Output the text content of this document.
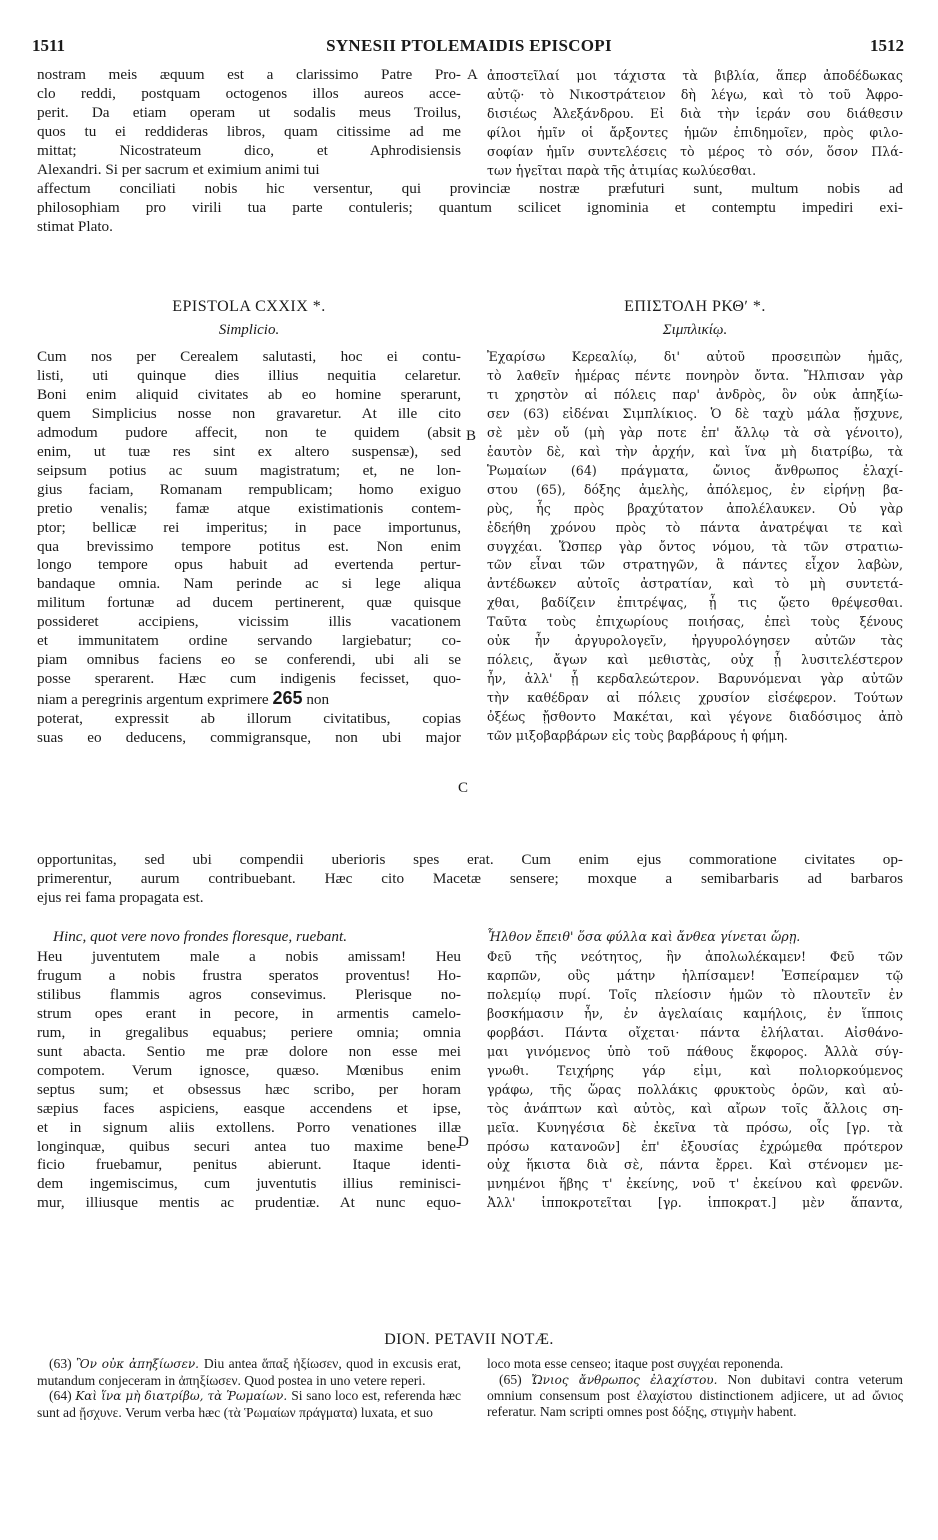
1511	SYNESII PTOLEMAIDIS EPISCOPI	1512
nostram meis æquum est a clarissimo Patre Pro-
clo reddi, postquam octogenos illos aureos acce-
perit. Da etiam operam ut sodalis meus Troilus,
quos tu ei reddideras libros, quam citissime ad me
mittat; Nicostrateum dico, et Aphrodisiensis
Alexandri. Si per sacrum et eximium animi tui
A ἀποστεῖλαί μοι τάχιστα τὰ βιβλία, ἅπερ ἀποδέδωκας
αὐτῷ· τὸ Νικοστράτειον δὴ λέγω, καὶ τὸ τοῦ Ἀφρο-
δισιέως Ἀλεξάνδρου. Εἰ διὰ τὴν ἱεράν σου διάθεσιν
φίλοι ἡμῖν οἱ ἄρξοντες ἡμῶν ἐπιδημοῖεν, πρὸς φιλο-
σοφίαν ἡμῖν συντελέσεις τὸ μέρος τὸ σόν, ὅσον Πλά-
των ἡγεῖται παρὰ τῆς ἀτιμίας κωλύεσθαι.
affectum conciliati nobis hic versentur, qui provinciæ nostræ præfuturi sunt, multum nobis ad
philosophiam pro virili tua parte contuleris; quantum scilicet ignominia et contemptu impediri exi-
stimat Plato.
EPISTOLA CXXIX *.
Simplicio.
ΕΠΙΣΤΟΛΗ ΡΚΘʹ *.
Σιμπλικίῳ.
Cum nos per Cerealem salutasti, hoc ei contu-
listi, uti quinque dies illius nequitia celaretur.
Boni enim aliquid civitates ab eo homine sperarunt,
quem Simplicius nosse non gravaretur. At ille cito
admodum pudore affecit, non te quidem (absit
enim, ut tuæ res sint ex altero suspensæ), sed
seipsum potius ac suum magistratum; et, ne lon-
gius faciam, Romanam rempublicam; homo exiguo
pretio venalis; famæ atque existimationis contem-
ptor; bellicæ rei imperitus; in pace importunus,
qua brevissimo tempore potitus est. Non enim
longo tempore opus habuit ad evertenda pertur-
bandaque omnia. Nam perinde ac si lege aliqua
militum fortunæ ad ducem pertinerent, quæ quisque
possideret accipiens, vicissim illis vacationem
et immunitatem ordine servando largiebatur; co-
piam omnibus faciens eo se conferendi, ubi ali se
posse sperarent. Hæc cum indigenis fecisset, quo-
niam a peregrinis argentum exprimere 265 non
poterat, expressit ab illorum civitatibus, copias
suas eo deducens, commigransque, non ubi major
B
C
Ἐχαρίσω Κερεαλίῳ, δι' αὐτοῦ προσειπὼν ἡμᾶς,
τὸ λαθεῖν ἡμέρας πέντε πονηρὸν ὄντα. Ἤλπισαν γὰρ
τι χρηστὸν αἱ πόλεις παρ' ἀνδρὸς, ὃν οὐκ ἀπηξίω-
σεν (63) εἰδέναι Σιμπλίκιος. Ὁ δὲ ταχὺ μάλα ᾔσχυνε,
σὲ μὲν οὔ (μὴ γὰρ ποτε ἐπ' ἄλλῳ τὰ σὰ γένοιτο),
ἑαυτὸν δὲ, καὶ τὴν ἀρχήν, καὶ ἵνα μὴ διατρίβω, τὰ
Ῥωμαίων (64) πράγματα, ὤνιος ἄνθρωπος ἐλαχί-
στου (65), δόξης ἀμελὴς, ἀπόλεμος, ἐν εἰρήνῃ βα-
ρὺς, ἧς πρὸς βραχύτατον ἀπολέλαυκεν. Οὐ γὰρ
ἐδεήθη χρόνου πρὸς τὸ πάντα ἀνατρέψαι τε καὶ
συγχέαι. Ὥσπερ γὰρ ὄντος νόμου, τὰ τῶν στρατιω-
τῶν εἶναι τῶν στρατηγῶν, ἃ πάντες εἶχον λαβὼν,
ἀντέδωκεν αὐτοῖς ἀστρατίαν, καὶ τὸ μὴ συντετά-
χθαι, βαδίζειν ἐπιτρέψας, ᾗ τις ᾤετο θρέψεσθαι.
Ταῦτα τοὺς ἐπιχωρίους ποιήσας, ἐπεὶ τοὺς ξένους
οὐκ ἦν ἀργυρολογεῖν, ἠργυρολόγησεν αὐτῶν τὰς
πόλεις, ἄγων καὶ μεθιστὰς, οὐχ ᾗ λυσιτελέστερον
ἦν, ἀλλ' ᾗ κερδαλεώτερον. Βαρυνόμεναι γὰρ αὐτῶν
τὴν καθέδραν αἱ πόλεις χρυσίον εἰσέφερον. Τούτων
ὀξέως ᾔσθοντο Μακέται, καὶ γέγονε διαδόσιμος ἀπὸ
τῶν μιξοβαρβάρων εἰς τοὺς βαρβάρους ἡ φήμη.
opportunitas, sed ubi compendii uberioris spes erat. Cum enim ejus commoratione civitates op-
primerentur, aurum contribuebant. Hæc cito Macetæ sensere; moxque a semibarbaris ad barbaros
ejus rei fama propagata est.
Hinc, quot vere novo frondes floresque, ruebant.	Ἦλθον ἔπειθ' ὅσα φύλλα καὶ ἄνθεα γίνεται ὥρῃ.
Heu juventutem male a nobis amissam! Heu
frugum a nobis frustra speratos proventus! Ho-
stilibus flammis agros consevimus. Plerisque no-
strum opes erant in pecore, in armentis camelo-
rum, in gregalibus equabus; periere omnia; omnia
sunt abacta. Sentio me præ dolore non esse mei
compotem. Verum ignosce, quæso. Mœnibus enim
septus sum; et obsessus hæc scribo, per horam
sæpius faces aspiciens, easque accendens et ipse,
et in signum aliis extollens. Porro venationes illæ
longinquæ, quibus securi antea tuo maxime bene-
ficio fruebamur, penitus abierunt. Itaque identi-
dem ingemiscimus, cum juventutis illius reminisci-
mur, illiusque mentis ac prudentiæ. At nunc equo-
D
Φεῦ τῆς νεότητος, ἣν ἀπολωλέκαμεν! Φεῦ τῶν
καρπῶν, οὓς μάτην ἠλπίσαμεν! Ἐσπείραμεν τῷ
πολεμίῳ πυρί. Τοῖς πλείοσιν ἡμῶν τὸ πλουτεῖν ἐν
βοσκήμασιν ἦν, ἐν ἀγελαίαις καμήλοις, ἐν ἵπποις
φορβάσι. Πάντα οἴχεται· πάντα ἐλήλαται. Αἰσθάνο-
μαι γινόμενος ὑπὸ τοῦ πάθους ἔκφορος. Ἀλλὰ σύγ-
γνωθι. Τειχήρης γάρ εἰμι, καὶ πολιορκούμενος
γράφω, τῆς ὥρας πολλάκις φρυκτοὺς ὁρῶν, καὶ αὐ-
τὸς ἀνάπτων καὶ αὐτὸς, καὶ αἴρων τοῖς ἄλλοις ση-
μεῖα. Κυνηγέσια δὲ ἐκεῖνα τὰ πρόσω, οἷς [γρ. τὰ
πρόσω κατανοῶν] ἐπ' ἐξουσίας ἐχρώμεθα πρότερον
οὐχ ἥκιστα διὰ σὲ, πάντα ἔρρει. Καὶ στένομεν με-
μνημένοι ἥβης τ' ἐκείνης, νοῦ τ' ἐκείνου καὶ φρενῶν.
Ἀλλ' ἱπποκροτεῖται [γρ. ἱπποκρατ.] μὲν ἅπαντα,
DION. PETAVII NOTÆ.

(63) Ὃν οὐκ ἀπηξίωσεν. Diu antea ἅπαξ ἠξίωσεν, quod in excusis erat, mutandum conjeceram in ἀπηξίωσεν. Quod postea in uno vetere reperi.

(64) Καὶ ἵνα μὴ διατρίβω, τὰ Ῥωμαίων. Si sano loco est, referenda hæc sunt ad ᾔσχυνε. Verum verba hæc (τὰ Ῥωμαίων πράγματα) luxata, et suo

loco mota esse censeo; itaque post συγχέαι reponenda.

(65) Ὤνιος ἄνθρωπος ἐλαχίστου. Non dubitavi contra veterum omnium consensum post ἐλαχίστου distinctionem adjicere, ut ad ὤνιος referatur. Nam scripti omnes post δόξης, στιγμὴν habent.
